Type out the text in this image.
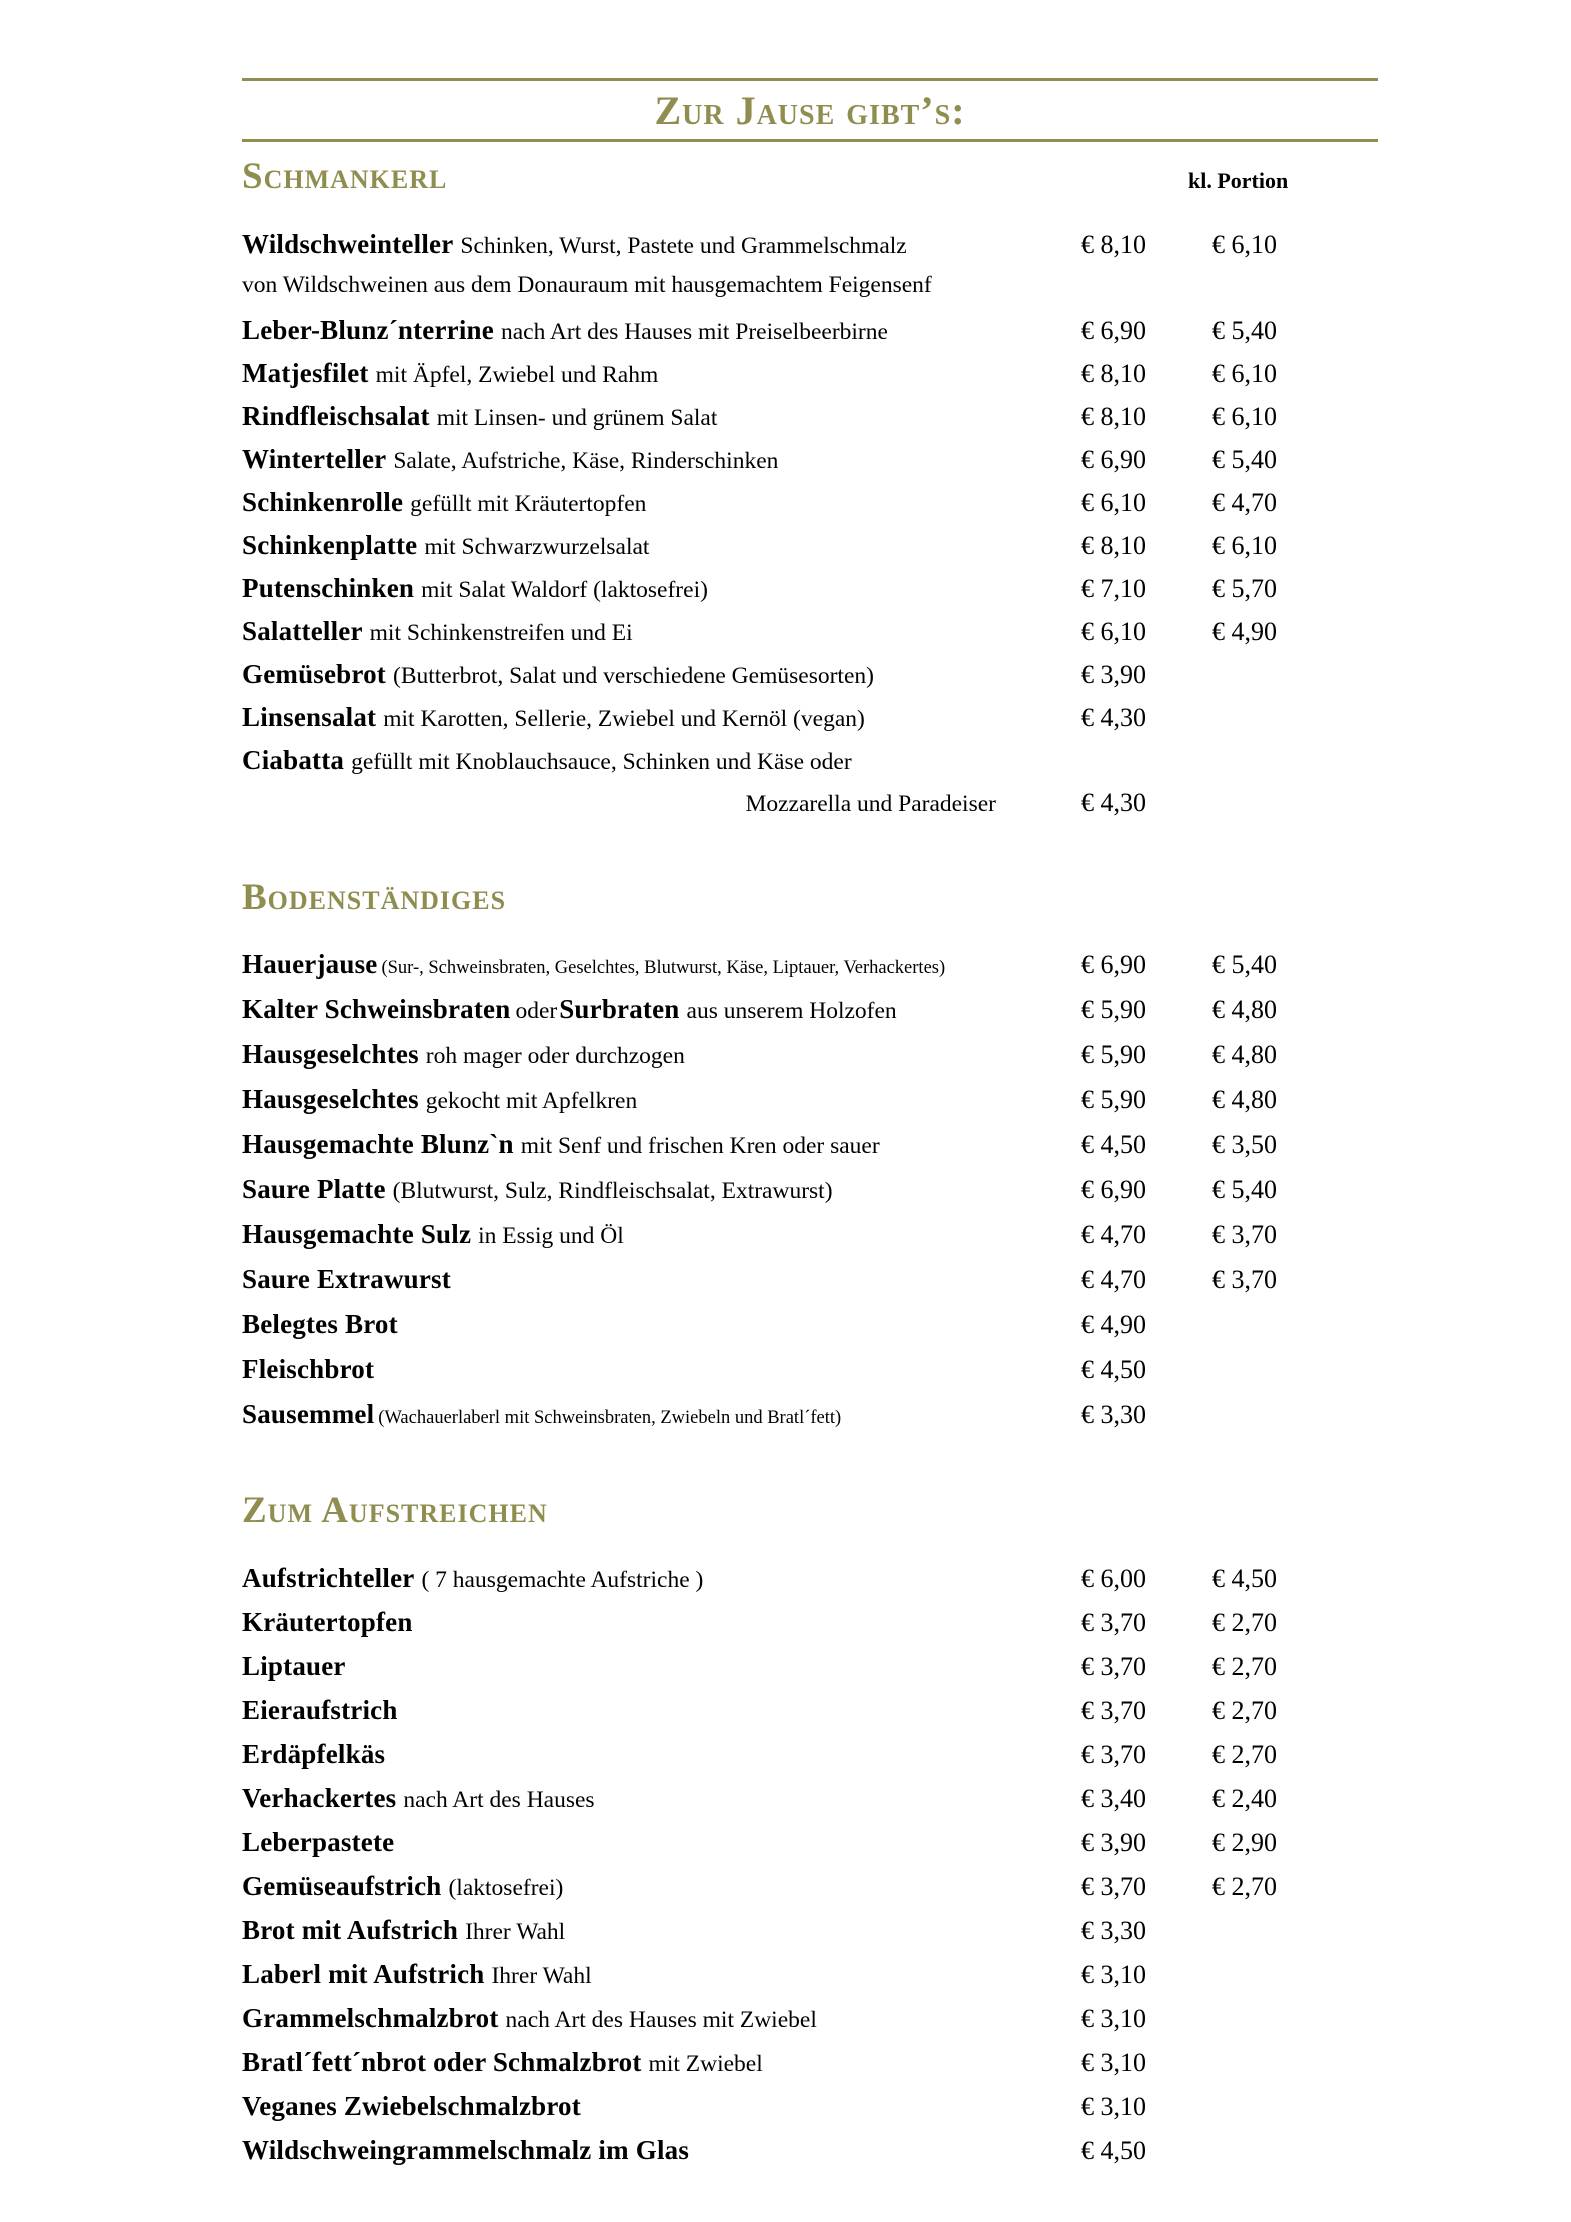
Zur Jause gibt’s:
Schmankerl	kl. Portion
Wildschweinteller Schinken, Wurst, Pastete und Grammelschmalz	€ 8,10	€ 6,10
von Wildschweinen aus dem Donauraum mit hausgemachtem Feigensenf
Leber-Blunz´nterrine nach Art des Hauses mit Preiselbeerbirne	€ 6,90	€ 5,40
Matjesfilet mit Äpfel, Zwiebel und Rahm	€ 8,10	€ 6,10
Rindfleischsalat mit Linsen- und grünem Salat	€ 8,10	€ 6,10
Winterteller Salate, Aufstriche, Käse, Rinderschinken	€ 6,90	€ 5,40
Schinkenrolle gefüllt mit Kräutertopfen	€ 6,10	€ 4,70
Schinkenplatte mit Schwarzwurzelsalat	€ 8,10	€ 6,10
Putenschinken mit Salat Waldorf (laktosefrei)	€ 7,10	€ 5,70
Salatteller mit Schinkenstreifen und Ei	€ 6,10	€ 4,90
Gemüsebrot (Butterbrot, Salat und verschiedene Gemüsesorten)	€ 3,90
Linsensalat mit Karotten, Sellerie, Zwiebel und Kernöl (vegan)	€ 4,30
Ciabatta gefüllt mit Knoblauchsauce, Schinken und Käse oder
Mozzarella und Paradeiser	€ 4,30
Bodenständiges
Hauerjause (Sur-, Schweinsbraten, Geselchtes, Blutwurst, Käse, Liptauer, Verhackertes)	€ 6,90	€ 5,40
Kalter Schweinsbraten oderSurbraten aus unserem Holzofen	€ 5,90	€ 4,80
Hausgeselchtes roh mager oder durchzogen	€ 5,90	€ 4,80
Hausgeselchtes gekocht mit Apfelkren	€ 5,90	€ 4,80
Hausgemachte Blunz`n mit Senf und frischen Kren oder sauer	€ 4,50	€ 3,50
Saure Platte (Blutwurst, Sulz, Rindfleischsalat, Extrawurst)	€ 6,90	€ 5,40
Hausgemachte Sulz in Essig und Öl	€ 4,70	€ 3,70
Saure Extrawurst	€ 4,70	€ 3,70
Belegtes Brot	€ 4,90
Fleischbrot	€ 4,50
Sausemmel (Wachauerlaberl mit Schweinsbraten, Zwiebeln und Bratl´fett)	€ 3,30
Zum Aufstreichen
Aufstrichteller ( 7 hausgemachte Aufstriche )	€ 6,00	€ 4,50
Kräutertopfen	€ 3,70	€ 2,70
Liptauer	€ 3,70	€ 2,70
Eieraufstrich	€ 3,70	€ 2,70
Erdäpfelkäs	€ 3,70	€ 2,70
Verhackertes nach Art des Hauses	€ 3,40	€ 2,40
Leberpastete	€ 3,90	€ 2,90
Gemüseaufstrich (laktosefrei)	€ 3,70	€ 2,70
Brot mit Aufstrich Ihrer Wahl	€ 3,30
Laberl mit Aufstrich Ihrer Wahl	€ 3,10
Grammelschmalzbrot nach Art des Hauses mit Zwiebel	€ 3,10
Bratl´fett´nbrot oder Schmalzbrot mit Zwiebel	€ 3,10
Veganes Zwiebelschmalzbrot	€ 3,10
Wildschweingrammelschmalz im Glas	€ 4,50
